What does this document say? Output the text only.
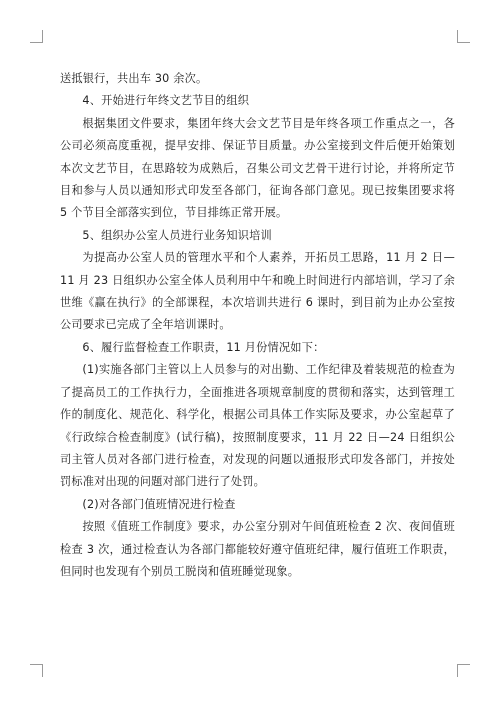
送抵银行，共出车 30 余次。

4、开始进行年终文艺节目的组织

根据集团文件要求，集团年终大会文艺节目是年终各项工作重点之一，各公司必须高度重视，提早安排、保证节目质量。办公室接到文件后便开始策划本次文艺节目，在思路较为成熟后，召集公司文艺骨干进行讨论，并将所定节目和参与人员以通知形式印发至各部门，征询各部门意见。现已按集团要求将 5 个节目全部落实到位，节目排练正常开展。

5、组织办公室人员进行业务知识培训

为提高办公室人员的管理水平和个人素养，开拓员工思路，11 月 2 日—11 月 23 日组织办公室全体人员利用中午和晚上时间进行内部培训，学习了余世维《赢在执行》的全部课程，本次培训共进行 6 课时，到目前为止办公室按公司要求已完成了全年培训课时。

6、履行监督检查工作职责，11 月份情况如下：

(1)实施各部门主管以上人员参与的对出勤、工作纪律及着装规范的检查为了提高员工的工作执行力，全面推进各项规章制度的贯彻和落实，达到管理工作的制度化、规范化、科学化，根据公司具体工作实际及要求，办公室起草了《行政综合检查制度》(试行稿)，按照制度要求，11 月 22 日—24 日组织公司主管人员对各部门进行检查，对发现的问题以通报形式印发各部门，并按处罚标准对出现的问题对部门进行了处罚。

(2)对各部门值班情况进行检查

按照《值班工作制度》要求，办公室分别对午间值班检查 2 次、夜间值班检查 3 次，通过检查认为各部门都能较好遵守值班纪律，履行值班工作职责，但同时也发现有个别员工脱岗和值班睡觉现象。
